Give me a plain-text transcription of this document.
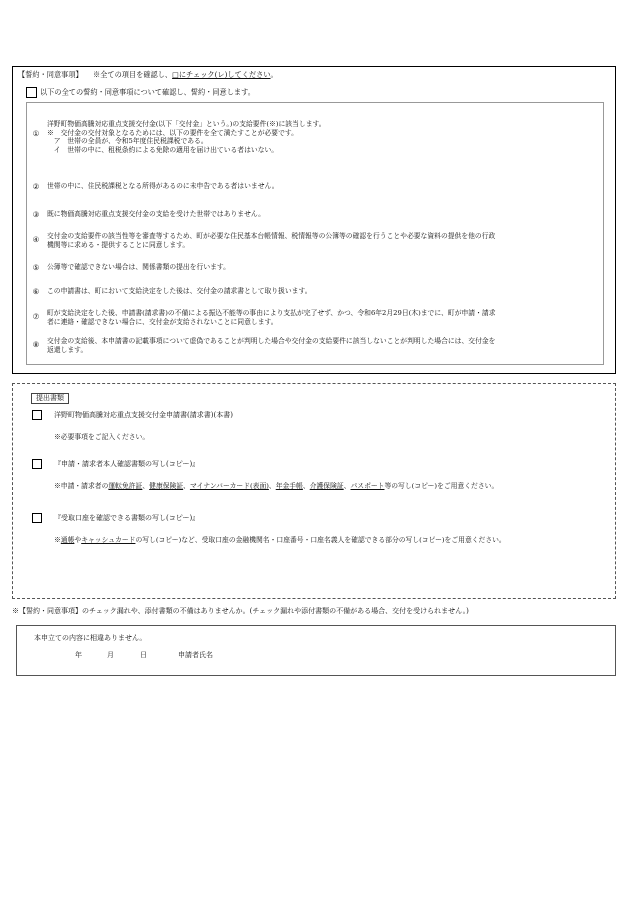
【誓約・同意事項】 ※全ての項目を確認し、□にチェック(レ)してください。
以下の全ての誓約・同意事項について確認し、誓約・同意します。
①
洋野町物価高騰対応重点支援交付金(以下「交付金」という。)の支給要件(※)に該当します。
※　交付金の交付対象となるためには、以下の要件を全て満たすことが必要です。
　ア　世帯の全員が、令和5年度住民税課税である。
　イ　世帯の中に、租税条約による免除の適用を届け出ている者はいない。
②	世帯の中に、住民税課税となる所得があるのに未申告である者はいません。
③	既に物価高騰対応重点支援交付金の支給を受けた世帯ではありません。
④	交付金の支給要件の該当性等を審査等するため、町が必要な住民基本台帳情報、税情報等の公簿等の確認を行うことや必要な資料の提供を他の行政
機関等に求める・提供することに同意します。
⑤	公簿等で確認できない場合は、関係書類の提出を行います。
⑥	この申請書は、町において支給決定をした後は、交付金の請求書として取り扱います。
⑦	町が支給決定をした後、申請書(請求書)の不備による振込不能等の事由により支払が完了せず、かつ、令和6年2月29日(木)までに、町が申請・請求
者に連絡・確認できない場合に、交付金が支給されないことに同意します。
⑧	交付金の支給後、本申請書の記載事項について虚偽であることが判明した場合や交付金の支給要件に該当しないことが判明した場合には、交付金を
返還します。
提出書類
洋野町物価高騰対応重点支援交付金申請書(請求書)(本書)
※必要事項をご記入ください。
『申請・請求者本人確認書類の写し(コピー)』
※申請・請求者の運転免許証、健康保険証、マイナンバーカード(表面)、年金手帳、介護保険証、パスポート等の写し(コピー)をご用意ください。
『受取口座を確認できる書類の写し(コピー)』
※通帳やキャッシュカードの写し(コピー)など、受取口座の金融機関名・口座番号・口座名義人を確認できる部分の写し(コピー)をご用意ください。
※【誓約・同意事項】のチェック漏れや、添付書類の不備はありませんか。(チェック漏れや添付書類の不備がある場合、交付を受けられません。)
本申立ての内容に相違ありません。
年	月	日	申請者氏名
